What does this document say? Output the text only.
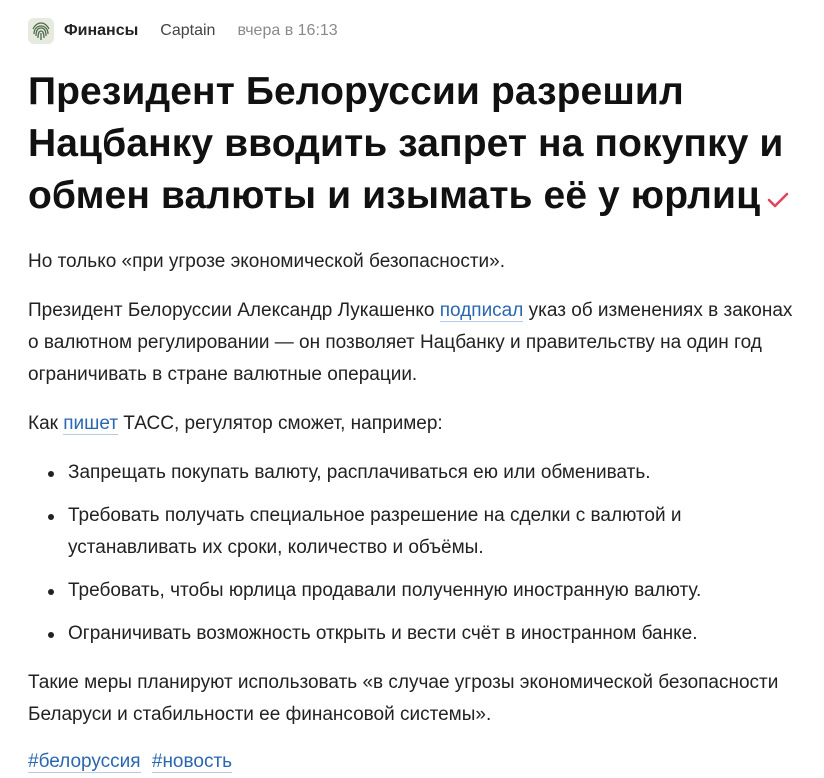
Финансы Captain вчера в 16:13
Президент Белоруссии разрешил Нацбанку вводить запрет на покупку и обмен валюты и изымать её у юрлиц

Но только «при угрозе экономической безопасности».

Президент Белоруссии Александр Лукашенко подписал указ об изменениях в законах о валютном регулировании — он позволяет Нацбанку и правительству на один год ограничивать в стране валютные операции.

Как пишет ТАСС, регулятор сможет, например:

Запрещать покупать валюту, расплачиваться ею или обменивать.
Требовать получать специальное разрешение на сделки с валютой и устанавливать их сроки, количество и объёмы.
Требовать, чтобы юрлица продавали полученную иностранную валюту.
Ограничивать возможность открыть и вести счёт в иностранном банке.

Такие меры планируют использовать «в случае угрозы экономической безопасности Беларуси и стабильности ее финансовой системы».

#белоруссия #новость
